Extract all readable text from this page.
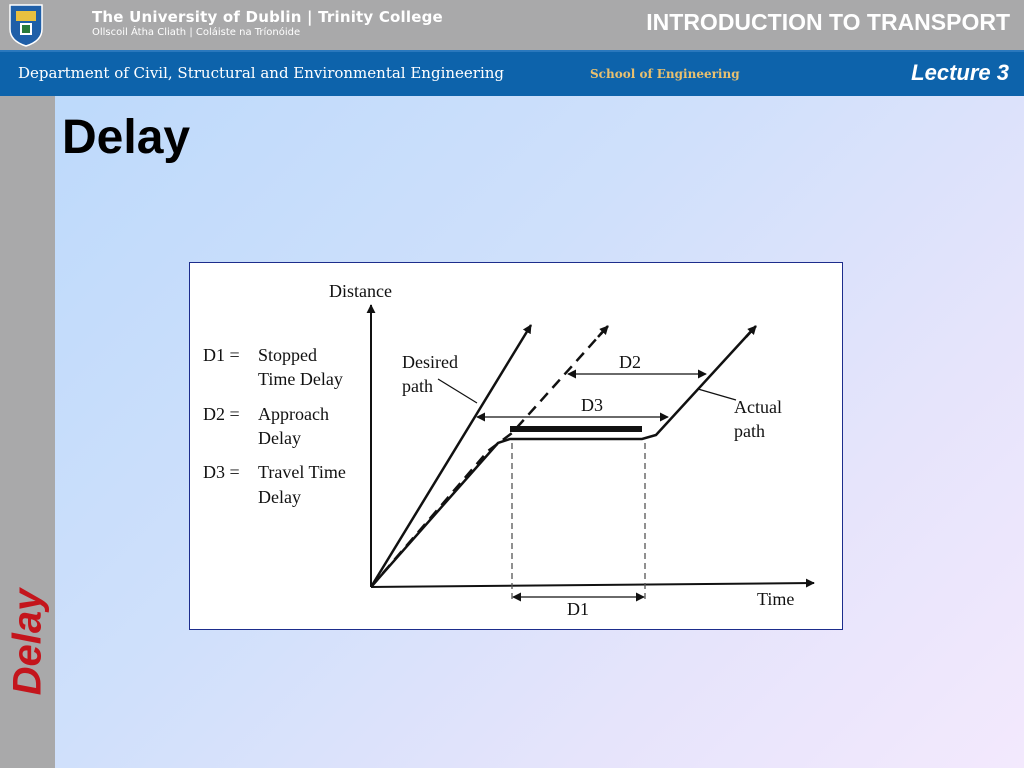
The University of Dublin | Trinity College
Ollscoil Átha Cliath | Coláiste na Tríonóide	INTRODUCTION TO TRANSPORT
Department of Civil, Structural and Environmental Engineering	School of Engineering	Lecture 3
Delay
Delay
Distance
Time
D1 = Stopped
Time Delay
D2 = Approach
Delay
D3 = Travel Time
Delay
Desired
path
Actual
path
D2
D3
D1
